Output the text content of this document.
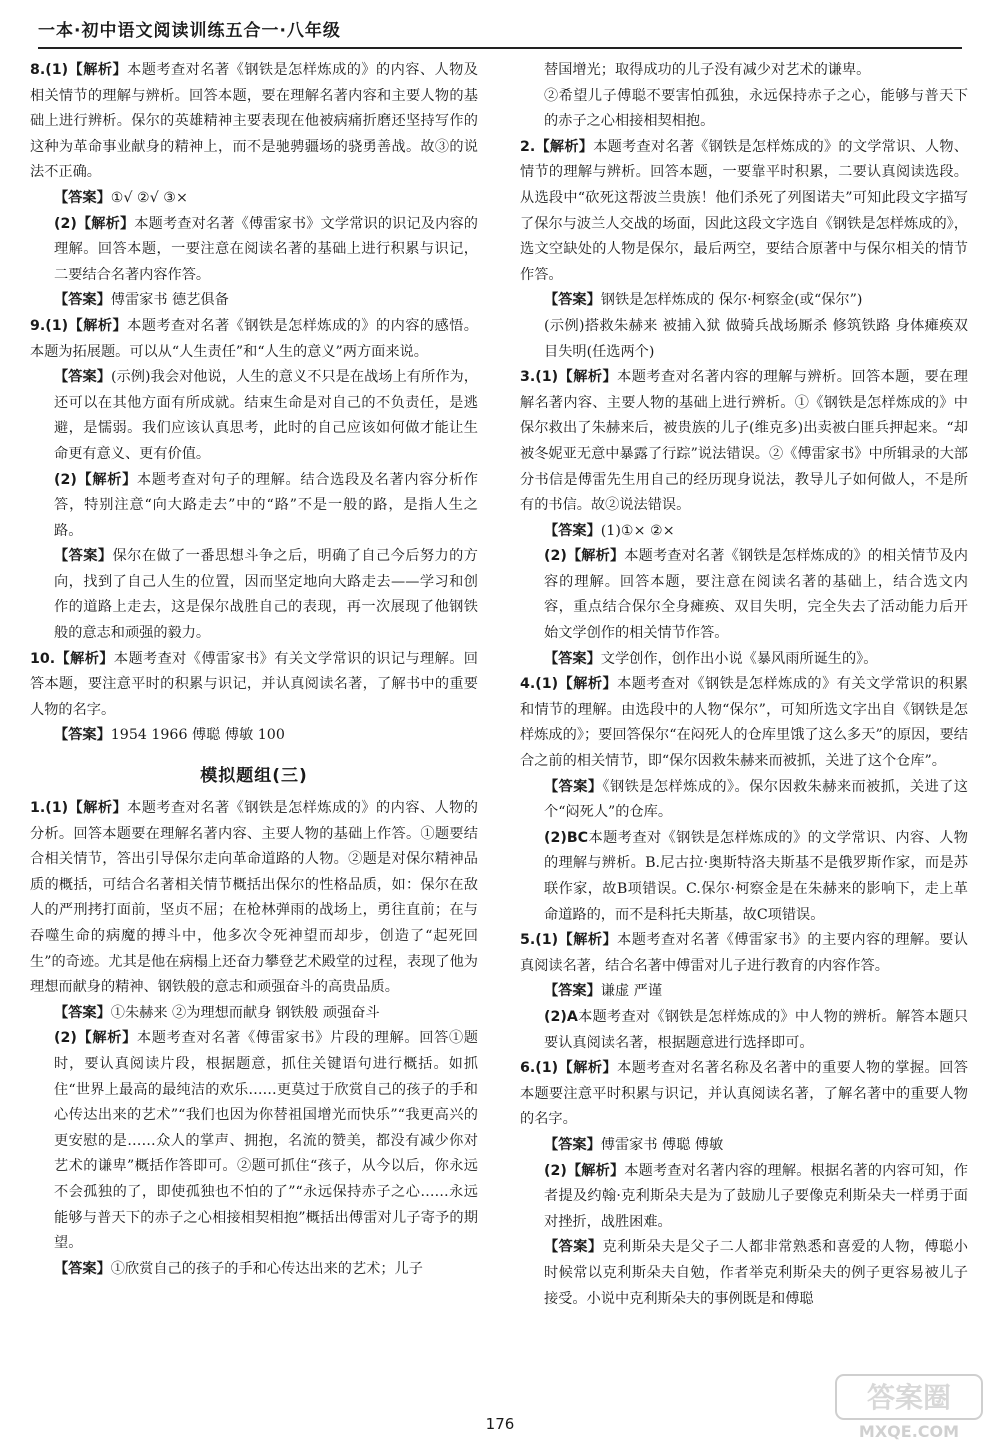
一本·初中语文阅读训练五合一·八年级

8.(1)【解析】本题考查对名著《钢铁是怎样炼成的》的内容、人物及相关情节的理解与辨析。回答本题，要在理解名著内容和主要人物的基础上进行辨析。保尔的英雄精神主要表现在他被病痛折磨还坚持写作的这种为革命事业献身的精神上，而不是驰骋疆场的骁勇善战。故③的说法不正确。

【答案】①√ ②√ ③×

(2)【解析】本题考查对名著《傅雷家书》文学常识的识记及内容的理解。回答本题，一要注意在阅读名著的基础上进行积累与识记，二要结合名著内容作答。

【答案】傅雷家书 德艺俱备

9.(1)【解析】本题考查对名著《钢铁是怎样炼成的》的内容的感悟。本题为拓展题。可以从“人生责任”和“人生的意义”两方面来说。

【答案】(示例)我会对他说，人生的意义不只是在战场上有所作为，还可以在其他方面有所成就。结束生命是对自己的不负责任，是逃避，是懦弱。我们应该认真思考，此时的自己应该如何做才能让生命更有意义、更有价值。

(2)【解析】本题考查对句子的理解。结合选段及名著内容分析作答，特别注意“向大路走去”中的“路”不是一般的路，是指人生之路。

【答案】保尔在做了一番思想斗争之后，明确了自己今后努力的方向，找到了自己人生的位置，因而坚定地向大路走去——学习和创作的道路上走去，这是保尔战胜自己的表现，再一次展现了他钢铁般的意志和顽强的毅力。

10.【解析】本题考查对《傅雷家书》有关文学常识的识记与理解。回答本题，要注意平时的积累与识记，并认真阅读名著，了解书中的重要人物的名字。

【答案】1954 1966 傅聪 傅敏 100

模拟题组(三)

1.(1)【解析】本题考查对名著《钢铁是怎样炼成的》的内容、人物的分析。回答本题要在理解名著内容、主要人物的基础上作答。①题要结合相关情节，答出引导保尔走向革命道路的人物。②题是对保尔精神品质的概括，可结合名著相关情节概括出保尔的性格品质，如：保尔在敌人的严刑拷打面前，坚贞不屈；在枪林弹雨的战场上，勇往直前；在与吞噬生命的病魔的搏斗中，他多次令死神望而却步，创造了“起死回生”的奇迹。尤其是他在病榻上还奋力攀登艺术殿堂的过程，表现了他为理想而献身的精神、钢铁般的意志和顽强奋斗的高贵品质。

【答案】①朱赫来 ②为理想而献身 钢铁般 顽强奋斗

(2)【解析】本题考查对名著《傅雷家书》片段的理解。回答①题时，要认真阅读片段，根据题意，抓住关键语句进行概括。如抓住“世界上最高的最纯洁的欢乐……更莫过于欣赏自己的孩子的手和心传达出来的艺术”“我们也因为你替祖国增光而快乐”“我更高兴的更安慰的是……众人的掌声、拥抱，名流的赞美，都没有减少你对艺术的谦卑”概括作答即可。②题可抓住“孩子，从今以后，你永远不会孤独的了，即使孤独也不怕的了”“永远保持赤子之心……永远能够与普天下的赤子之心相接相契相抱”概括出傅雷对儿子寄予的期望。

【答案】①欣赏自己的孩子的手和心传达出来的艺术；儿子

替国增光；取得成功的儿子没有减少对艺术的谦卑。

②希望儿子傅聪不要害怕孤独，永远保持赤子之心，能够与普天下的赤子之心相接相契相抱。

2.【解析】本题考查对名著《钢铁是怎样炼成的》的文学常识、人物、情节的理解与辨析。回答本题，一要靠平时积累，二要认真阅读选段。从选段中“砍死这帮波兰贵族！他们杀死了列图诺夫”可知此段文字描写了保尔与波兰人交战的场面，因此这段文字选自《钢铁是怎样炼成的》，选文空缺处的人物是保尔，最后两空，要结合原著中与保尔相关的情节作答。

【答案】钢铁是怎样炼成的 保尔·柯察金(或“保尔”)

(示例)搭救朱赫来 被捕入狱 做骑兵战场厮杀 修筑铁路 身体瘫痪双目失明(任选两个)

3.(1)【解析】本题考查对名著内容的理解与辨析。回答本题，要在理解名著内容、主要人物的基础上进行辨析。①《钢铁是怎样炼成的》中保尔救出了朱赫来后，被贵族的儿子(维克多)出卖被白匪兵押起来。“却被冬妮亚无意中暴露了行踪”说法错误。②《傅雷家书》中所辑录的大部分书信是傅雷先生用自己的经历现身说法，教导儿子如何做人，不是所有的书信。故②说法错误。

【答案】(1)①× ②×

(2)【解析】本题考查对名著《钢铁是怎样炼成的》的相关情节及内容的理解。回答本题，要注意在阅读名著的基础上，结合选文内容，重点结合保尔全身瘫痪、双目失明，完全失去了活动能力后开始文学创作的相关情节作答。

【答案】文学创作，创作出小说《暴风雨所诞生的》。

4.(1)【解析】本题考查对《钢铁是怎样炼成的》有关文学常识的积累和情节的理解。由选段中的人物“保尔”，可知所选文字出自《钢铁是怎样炼成的》；要回答保尔“在闷死人的仓库里饿了这么多天”的原因，要结合之前的相关情节，即“保尔因救朱赫来而被抓，关进了这个仓库”。

【答案】《钢铁是怎样炼成的》。保尔因救朱赫来而被抓，关进了这个“闷死人”的仓库。

(2)BC本题考查对《钢铁是怎样炼成的》的文学常识、内容、人物的理解与辨析。B.尼古拉·奥斯特洛夫斯基不是俄罗斯作家，而是苏联作家，故B项错误。C.保尔·柯察金是在朱赫来的影响下，走上革命道路的，而不是科托夫斯基，故C项错误。

5.(1)【解析】本题考查对名著《傅雷家书》的主要内容的理解。要认真阅读名著，结合名著中傅雷对儿子进行教育的内容作答。

【答案】谦虚 严谨

(2)A本题考查对《钢铁是怎样炼成的》中人物的辨析。解答本题只要认真阅读名著，根据题意进行选择即可。

6.(1)【解析】本题考查对名著名称及名著中的重要人物的掌握。回答本题要注意平时积累与识记，并认真阅读名著，了解名著中的重要人物的名字。

【答案】傅雷家书 傅聪 傅敏

(2)【解析】本题考查对名著内容的理解。根据名著的内容可知，作者提及约翰·克利斯朵夫是为了鼓励儿子要像克利斯朵夫一样勇于面对挫折，战胜困难。

【答案】克利斯朵夫是父子二人都非常熟悉和喜爱的人物，傅聪小时候常以克利斯朵夫自勉，作者举克利斯朵夫的例子更容易被儿子接受。小说中克利斯朵夫的事例既是和傅聪

176
答案圈
MXQE.COM
